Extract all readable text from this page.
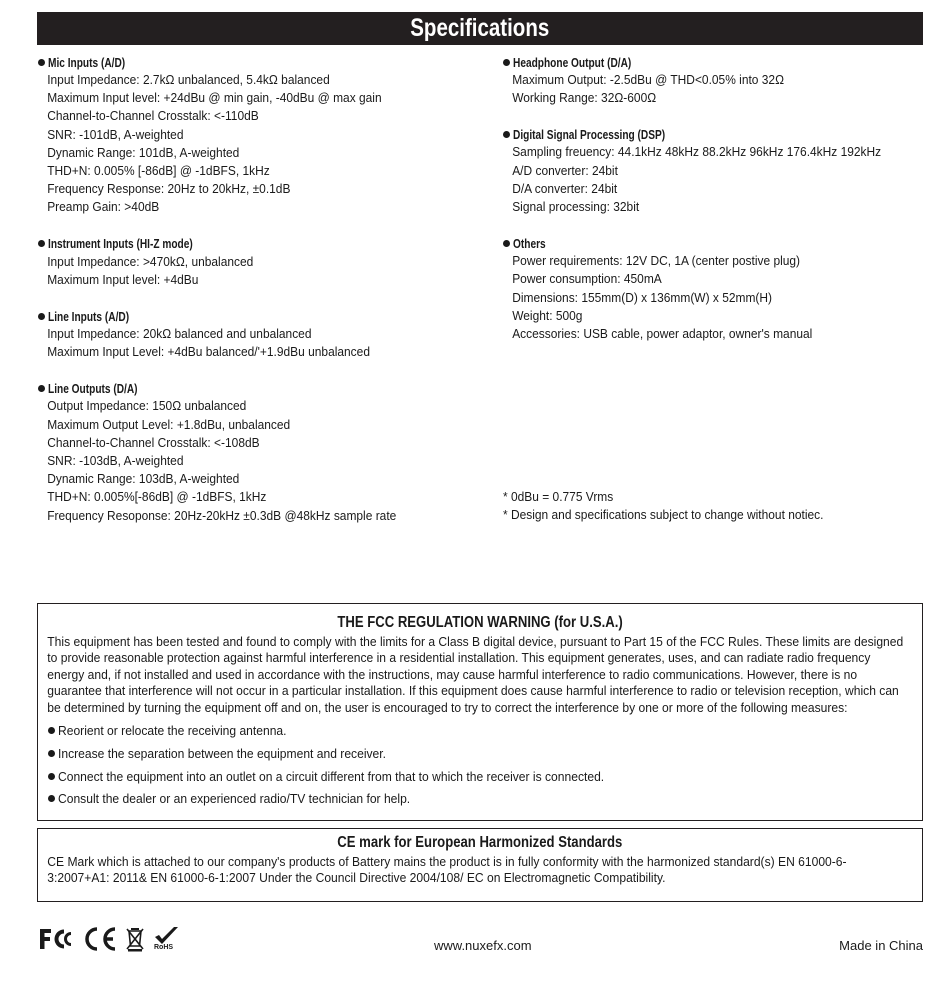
Specifications
Mic Inputs (A/D)
Input Impedance: 2.7kΩ unbalanced, 5.4kΩ balanced
Maximum Input level: +24dBu @ min gain, -40dBu @ max gain
Channel-to-Channel Crosstalk: <-110dB
SNR: -101dB, A-weighted
Dynamic Range: 101dB, A-weighted
THD+N: 0.005% [-86dB] @ -1dBFS, 1kHz
Frequency Response: 20Hz to 20kHz, ±0.1dB
Preamp Gain: >40dB
Instrument Inputs (HI-Z mode)
Input Impedance: >470kΩ, unbalanced
Maximum Input level: +4dBu
Line Inputs (A/D)
Input Impedance: 20kΩ balanced and unbalanced
Maximum Input Level: +4dBu balanced/'+1.9dBu unbalanced
Line Outputs (D/A)
Output Impedance: 150Ω unbalanced
Maximum Output Level: +1.8dBu, unbalanced
Channel-to-Channel Crosstalk: <-108dB
SNR: -103dB, A-weighted
Dynamic Range: 103dB, A-weighted
THD+N: 0.005%[-86dB] @ -1dBFS, 1kHz
Frequency Resoponse: 20Hz-20kHz ±0.3dB @48kHz sample rate
Headphone Output (D/A)
Maximum Output: -2.5dBu @ THD<0.05% into 32Ω
Working Range: 32Ω-600Ω
Digital Signal Processing (DSP)
Sampling freuency: 44.1kHz 48kHz 88.2kHz 96kHz 176.4kHz 192kHz
A/D converter: 24bit
D/A converter: 24bit
Signal processing: 32bit
Others
Power requirements: 12V DC, 1A (center postive plug)
Power consumption: 450mA
Dimensions: 155mm(D) x 136mm(W) x 52mm(H)
Weight: 500g
Accessories: USB cable, power adaptor, owner's manual
* 0dBu = 0.775 Vrms
* Design and specifications subject to change without notiec.
THE FCC REGULATION WARNING (for U.S.A.)
This equipment has been tested and found to comply with the limits for a Class B digital device, pursuant to Part 15 of the FCC Rules. These limits are designed to provide reasonable protection against harmful interference in a residential installation. This equipment generates, uses, and can radiate radio frequency energy and, if not installed and used in accordance with the instructions, may cause harmful interference to radio communications. However, there is no guarantee that interference will not occur in a particular installation. If this equipment does cause harmful interference to radio or television reception, which can be determined by turning the equipment off and on, the user is encouraged to try to correct the interference by one or more of the following measures:
Reorient or relocate the receiving antenna.
Increase the separation between the equipment and receiver.
Connect the equipment into an outlet on a circuit different from that to which the receiver is connected.
Consult the dealer or an experienced radio/TV technician for help.
CE mark for European Harmonized Standards
CE Mark which is attached to our company's products of Battery mains the product is in fully conformity with the harmonized standard(s) EN 61000-6-3:2007+A1: 2011& EN 61000-6-1:2007 Under the Council Directive 2004/108/ EC on Electromagnetic Compatibility.
RoHS	www.nuxefx.com	Made in China
